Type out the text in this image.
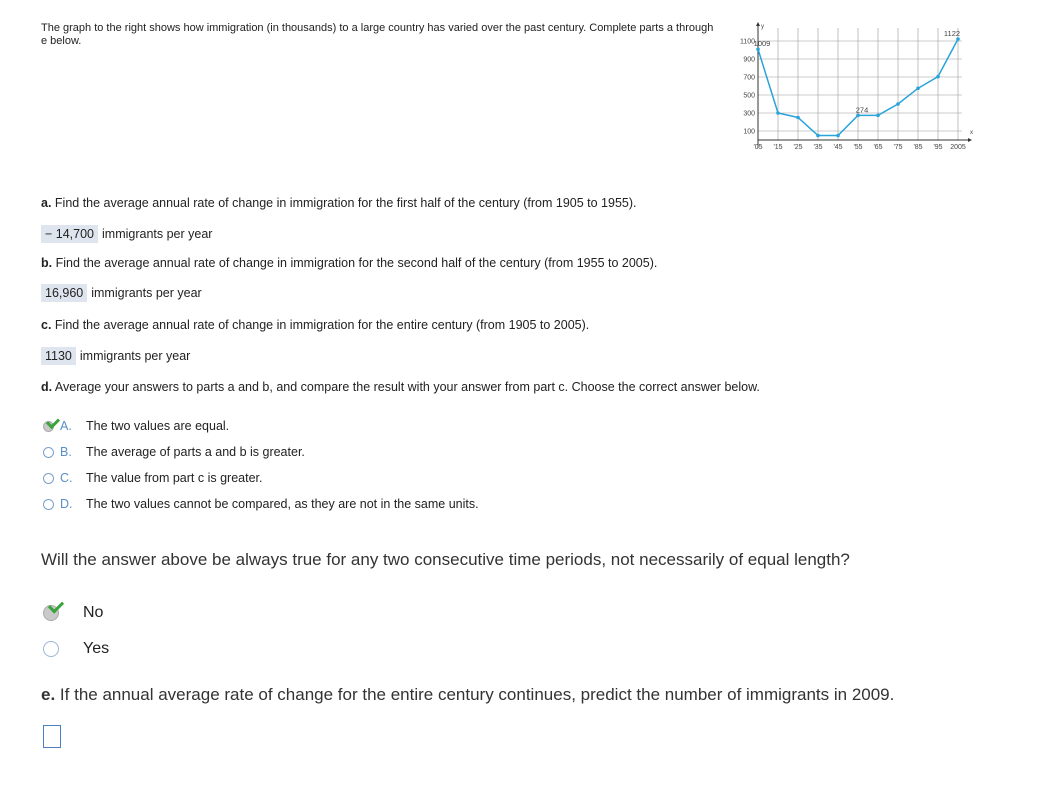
The graph to the right shows how immigration (in thousands) to a large country has varied over the past century. Complete parts a through e below.
x
y
100
300
500
700
900
1100
'05 '15 '25 '35 '45 '55 '65 '75 '85 '95 2005
1009
274
1122
a. Find the average annual rate of change in immigration for the first half of the century (from 1905 to 1955).
− 14,700 immigrants per year
b. Find the average annual rate of change in immigration for the second half of the century (from 1955 to 2005).
16,960 immigrants per year
c. Find the average annual rate of change in immigration for the entire century (from 1905 to 2005).
1130 immigrants per year
d. Average your answers to parts a and b, and compare the result with your answer from part c. Choose the correct answer below.
A.	The two values are equal.
B.	The average of parts a and b is greater.
C.	The value from part c is greater.
D.	The two values cannot be compared, as they are not in the same units.
Will the answer above be always true for any two consecutive time periods, not necessarily of equal length?
No
Yes
e. If the annual average rate of change for the entire century continues, predict the number of immigrants in 2009.
